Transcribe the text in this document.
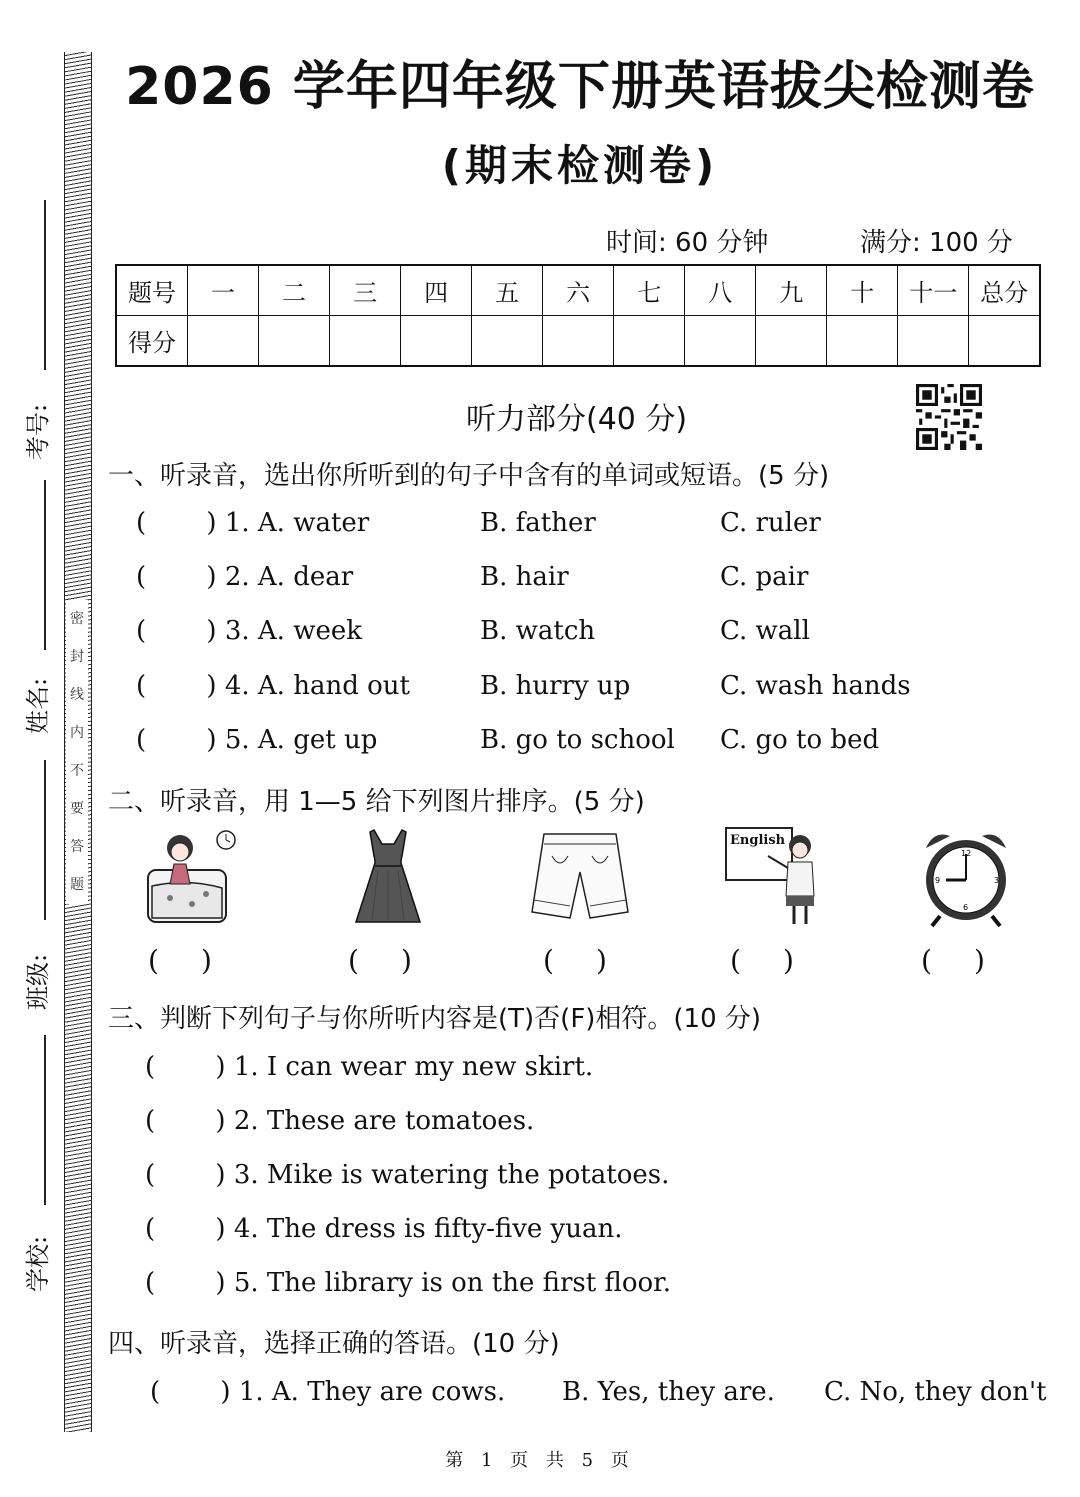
密 封 线 内 不 要 答 题
考号:
姓名:
班级:
学校:
2026 学年四年级下册英语拔尖检测卷
(期末检测卷)
时间: 60 分钟	满分: 100 分
题号	一	二	三	四	五	六	七	八	九	十	十一	总分
得分												
听力部分(40 分)
一、听录音，选出你所听到的句子中含有的单词或短语。(5 分)
( ) 1. A. water	B. father	C. ruler
( ) 2. A. dear	B. hair	C. pair
( ) 3. A. week	B. watch	C. wall
( ) 4. A. hand out	B. hurry up	C. wash hands
( ) 5. A. get up	B. go to school C. go to bed
二、听录音，用 1—5 给下列图片排序。(5 分)
English
12
3
6
9
( )	( )	( )	( )	( )
三、判断下列句子与你所听内容是(T)否(F)相符。(10 分)
( ) 1. I can wear my new skirt.
( ) 2. These are tomatoes.
( ) 3. Mike is watering the potatoes.
( ) 4. The dress is fifty-five yuan.
( ) 5. The library is on the first floor.
四、听录音，选择正确的答语。(10 分)
( ) 1. A. They are cows. B. Yes, they are. C. No, they don't
第 1 页 共 5 页
